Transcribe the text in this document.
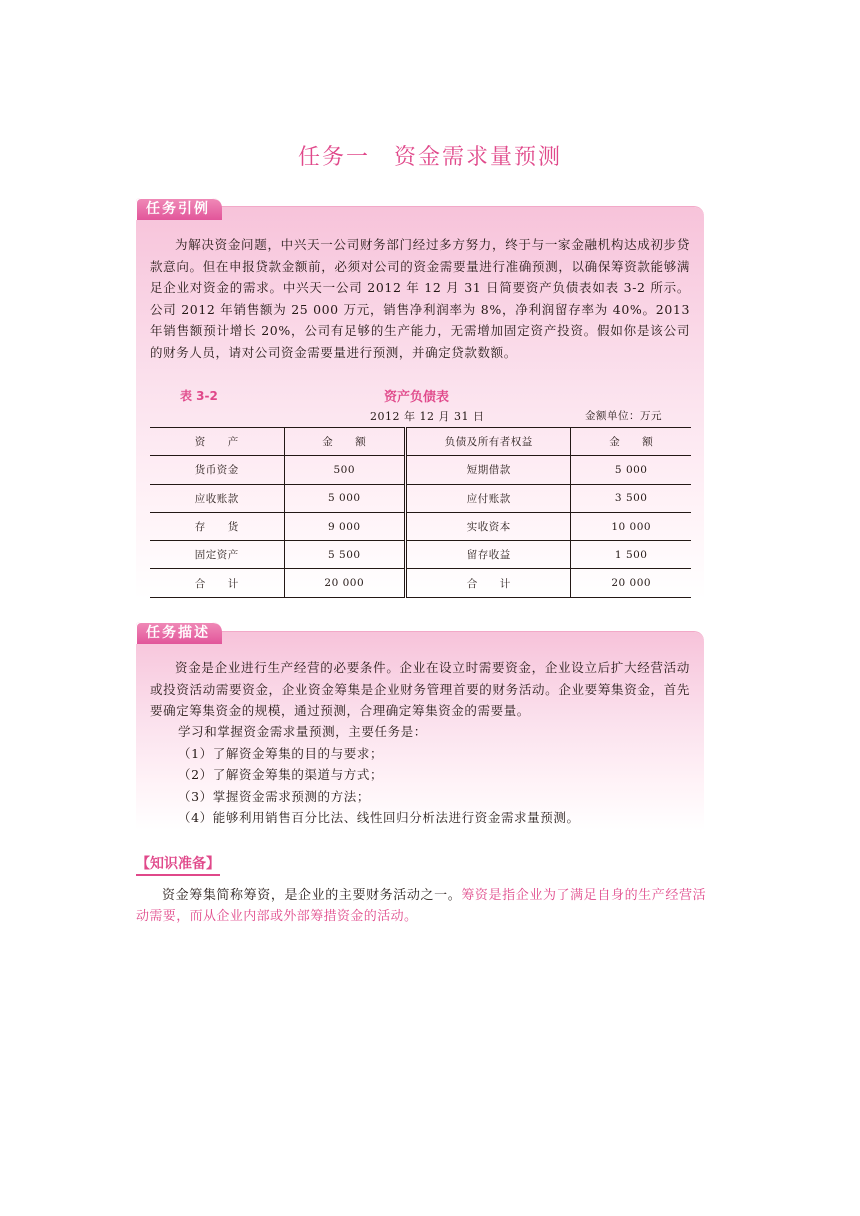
任务一 资金需求量预测
任务引例

为解决资金问题，中兴天一公司财务部门经过多方努力，终于与一家金融机构达成初步贷款意向。但在申报贷款金额前，必须对公司的资金需要量进行准确预测，以确保筹资款能够满足企业对资金的需求。中兴天一公司 2012 年 12 月 31 日简要资产负债表如表 3-2 所示。公司 2012 年销售额为 25 000 万元，销售净利润率为 8%，净利润留存率为 40%。2013 年销售额预计增长 20%，公司有足够的生产能力，无需增加固定资产投资。假如你是该公司的财务人员，请对公司资金需要量进行预测，并确定贷款数额。

表 3-2	资产负债表
2012 年 12 月 31 日	金额单位：万元
资　　产	金　　额	负债及所有者权益	金　　额
货币资金	500	短期借款	5 000
应收账款	5 000	应付账款	3 500
存　　货	9 000	实收资本	10 000
固定资产	5 500	留存收益	1 500
合　　计	20 000	合　　计	20 000
任务描述

资金是企业进行生产经营的必要条件。企业在设立时需要资金，企业设立后扩大经营活动或投资活动需要资金，企业资金筹集是企业财务管理首要的财务活动。企业要筹集资金，首先要确定筹集资金的规模，通过预测，合理确定筹集资金的需要量。

学习和掌握资金需求量预测，主要任务是：
（1）了解资金筹集的目的与要求；
（2）了解资金筹集的渠道与方式；
（3）掌握资金需求预测的方法；
（4）能够利用销售百分比法、线性回归分析法进行资金需求量预测。
【知识准备】

资金筹集简称筹资，是企业的主要财务活动之一。筹资是指企业为了满足自身的生产经营活动需要，而从企业内部或外部筹措资金的活动。
